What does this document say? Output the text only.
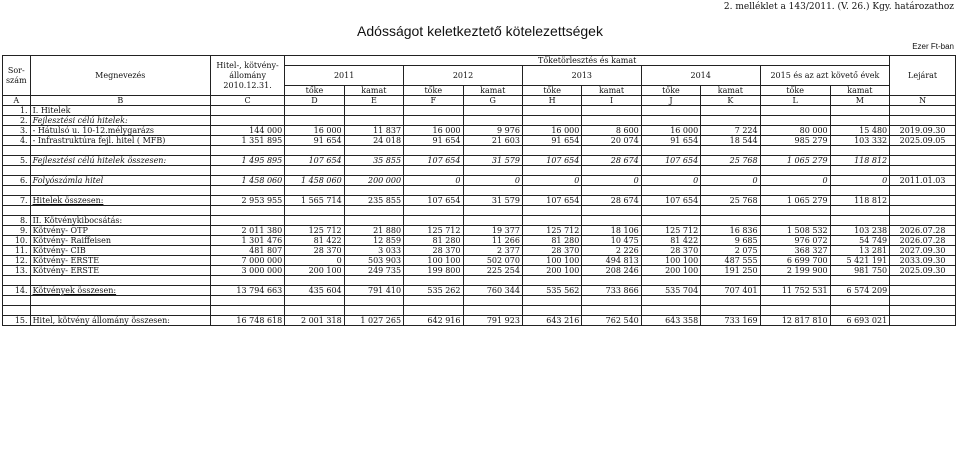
2. melléklet a 143/2011. (V. 26.) Kgy. határozathoz
Adósságot keletkeztető kötelezettségek
Ezer Ft-ban
Sor-
szám	Megnevezés	Hitel-, kötvény-
állomány
2010.12.31.	Tőketörlesztés és kamat										Lejárat
			2011		2012		2013		2014		2015 és az azt követő évek		
			tőke	kamat	tőke	kamat	tőke	kamat	tőke	kamat	tőke	kamat	
A	B	C	D	E	F	G	H	I	J	K	L	M	N
1.	I. Hitelek												
2.	Fejlesztési célú hitelek:												
3.	- Hátulsó u. 10-12.mélygarázs	144 000	16 000	11 837	16 000	9 976	16 000	8 600	16 000	7 224	80 000	15 480	2019.09.30
4.	- Infrastruktúra fejl. hitel ( MFB)	1 351 895	91 654	24 018	91 654	21 603	91 654	20 074	91 654	18 544	985 279	103 332	2025.09.05

5.	Fejlesztési célú hitelek összesen:	1 495 895	107 654	35 855	107 654	31 579	107 654	28 674	107 654	25 768	1 065 279	118 812	

6.	Folyószámla hitel	1 458 060	1 458 060	200 000	0	0	0	0	0	0	0	0	2011.01.03

7.	Hitelek összesen:	2 953 955	1 565 714	235 855	107 654	31 579	107 654	28 674	107 654	25 768	1 065 279	118 812	

8.	II. Kötvénykibocsátás:												
9.	Kötvény- OTP	2 011 380	125 712	21 880	125 712	19 377	125 712	18 106	125 712	16 836	1 508 532	103 238	2026.07.28
10.	Kötvény- Raiffeisen	1 301 476	81 422	12 859	81 280	11 266	81 280	10 475	81 422	9 685	976 072	54 749	2026.07.28
11.	Kötvény- CIB	481 807	28 370	3 033	28 370	2 377	28 370	2 226	28 370	2 075	368 327	13 281	2027.09.30
12.	Kötvény- ERSTE	7 000 000	0	503 903	100 100	502 070	100 100	494 813	100 100	487 555	6 699 700	5 421 191	2033.09.30
13.	Kötvény- ERSTE	3 000 000	200 100	249 735	199 800	225 254	200 100	208 246	200 100	191 250	2 199 900	981 750	2025.09.30

14.	Kötvények összesen:	13 794 663	435 604	791 410	535 262	760 344	535 562	733 866	535 704	707 401	11 752 531	6 574 209	

15.	Hitel, kötvény állomány összesen:	16 748 618	2 001 318	1 027 265	642 916	791 923	643 216	762 540	643 358	733 169	12 817 810	6 693 021	
